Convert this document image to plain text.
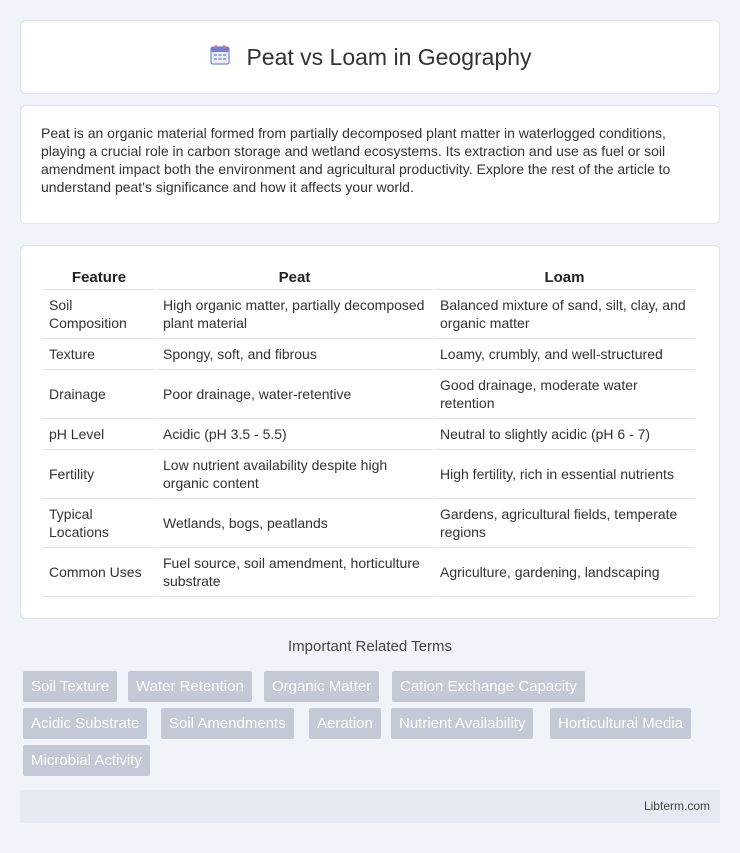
Peat vs Loam in Geography

Peat is an organic material formed from partially decomposed plant matter in waterlogged conditions, playing a crucial role in carbon storage and wetland ecosystems. Its extraction and use as fuel or soil amendment impact both the environment and agricultural productivity. Explore the rest of the article to understand peat's significance and how it affects your world.

Feature	Peat	Loam
Soil Composition	High organic matter, partially decomposed plant material	Balanced mixture of sand, silt, clay, and organic matter
Texture	Spongy, soft, and fibrous	Loamy, crumbly, and well-structured
Drainage	Poor drainage, water-retentive	Good drainage, moderate water retention
pH Level	Acidic (pH 3.5 - 5.5)	Neutral to slightly acidic (pH 6 - 7)
Fertility	Low nutrient availability despite high organic content	High fertility, rich in essential nutrients
Typical Locations	Wetlands, bogs, peatlands	Gardens, agricultural fields, temperate regions
Common Uses	Fuel source, soil amendment, horticulture substrate	Agriculture, gardening, landscaping
Important Related Terms
Soil Texture	Water Retention	Organic Matter	Cation Exchange Capacity
Acidic Substrate	Soil Amendments	Aeration	Nutrient Availability	Horticultural Media
Microbial Activity
Libterm.com
